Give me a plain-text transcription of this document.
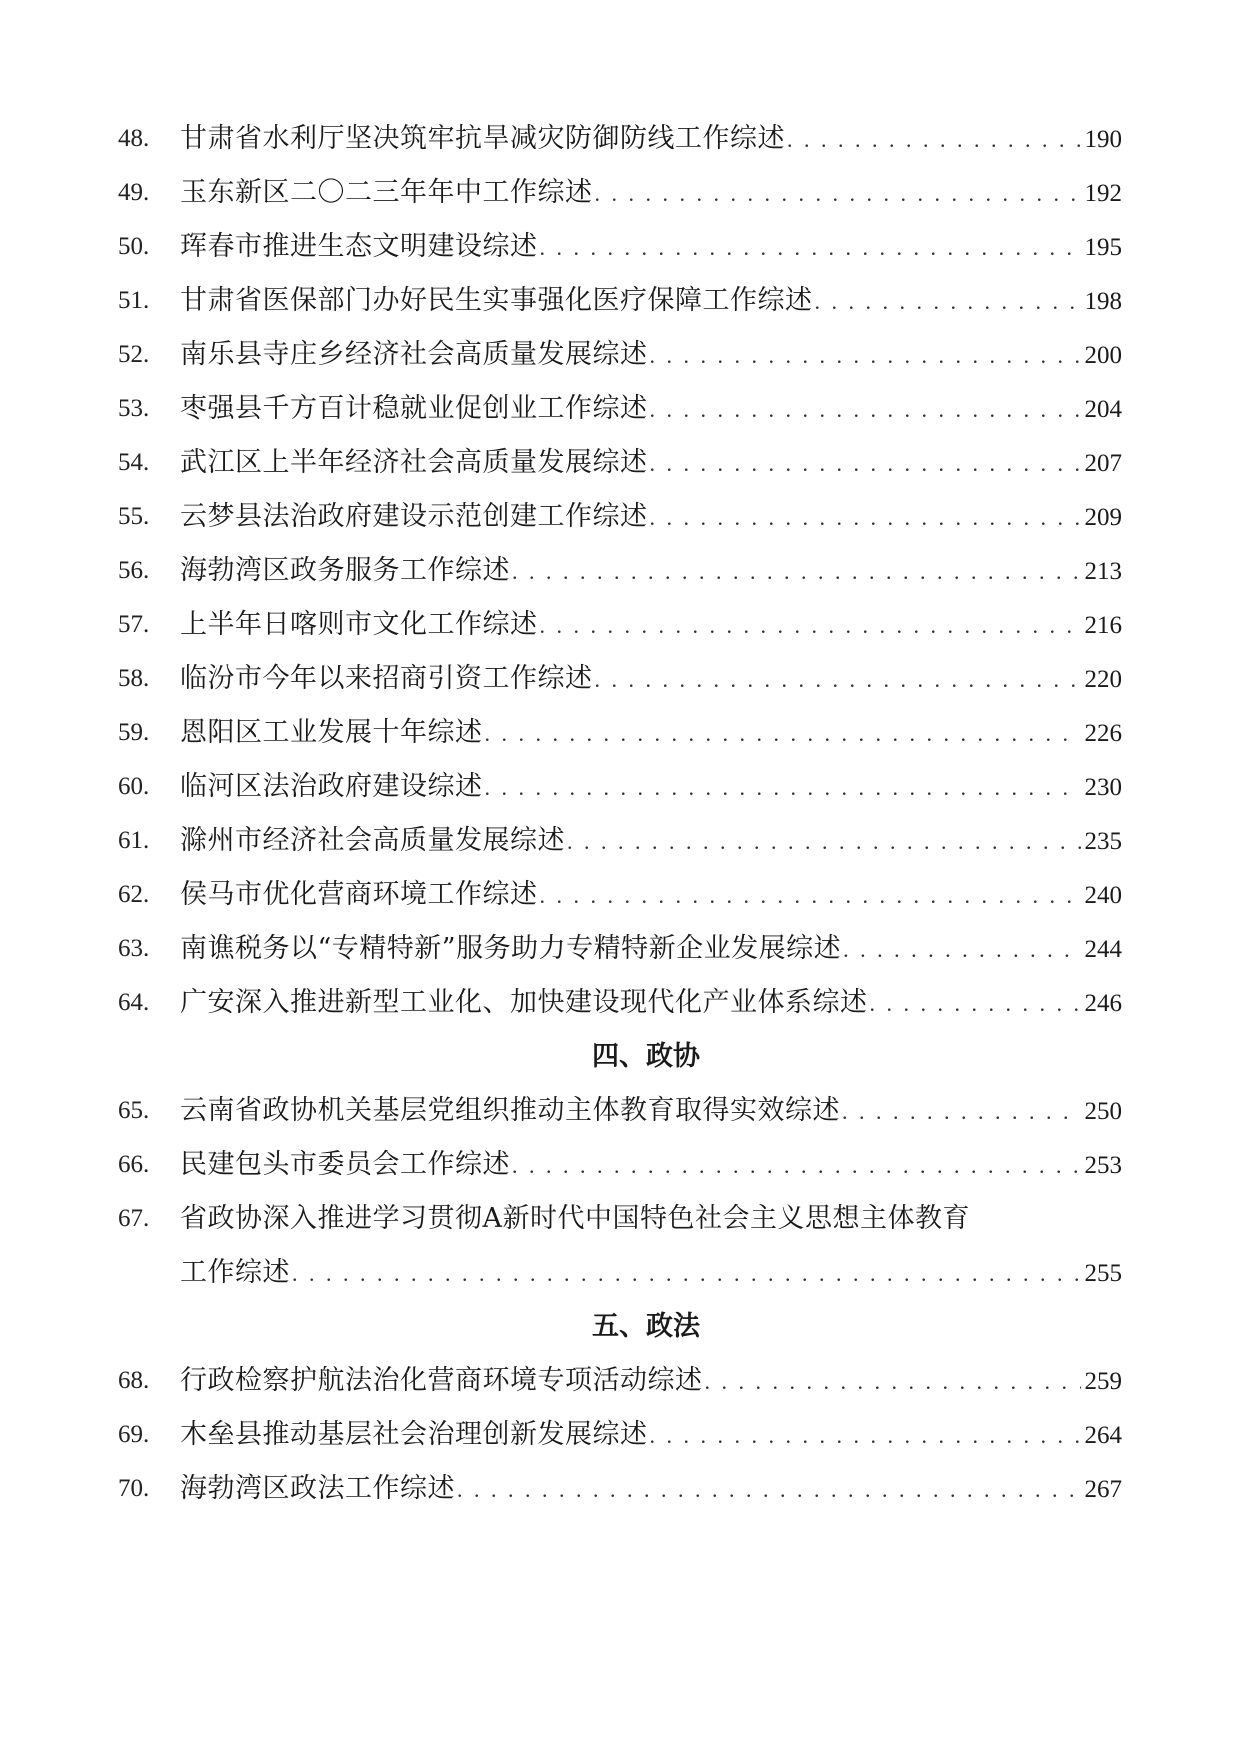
48.	甘肃省水利厅坚决筑牢抗旱减灾防御防线工作综述 . . .	190
49.	玉东新区二〇二三年年中工作综述 . . .	192
50.	珲春市推进生态文明建设综述 . . .	195
51.	甘肃省医保部门办好民生实事强化医疗保障工作综述 . . .	198
52.	南乐县寺庄乡经济社会高质量发展综述 . . .	200
53.	枣强县千方百计稳就业促创业工作综述 . . .	204
54.	武江区上半年经济社会高质量发展综述 . . .	207
55.	云梦县法治政府建设示范创建工作综述 . . .	209
56.	海勃湾区政务服务工作综述 . . .	213
57.	上半年日喀则市文化工作综述 . . .	216
58.	临汾市今年以来招商引资工作综述 . . .	220
59.	恩阳区工业发展十年综述 . . .	226
60.	临河区法治政府建设综述 . . .	230
61.	滁州市经济社会高质量发展综述 . . .	235
62.	侯马市优化营商环境工作综述 . . .	240
63.	南谯税务以“专精特新”服务助力专精特新企业发展综述 . . .	244
64.	广安深入推进新型工业化、加快建设现代化产业体系综述 . . .	246
四、政协
65.	云南省政协机关基层党组织推动主体教育取得实效综述 . . .	250
66.	民建包头市委员会工作综述 . . .	253
67.	省政协深入推进学习贯彻A新时代中国特色社会主义思想主体教育
工作综述 . . .	255
五、政法
68.	行政检察护航法治化营商环境专项活动综述 . . .	259
69.	木垒县推动基层社会治理创新发展综述 . . .	264
70.	海勃湾区政法工作综述 . . .	267
